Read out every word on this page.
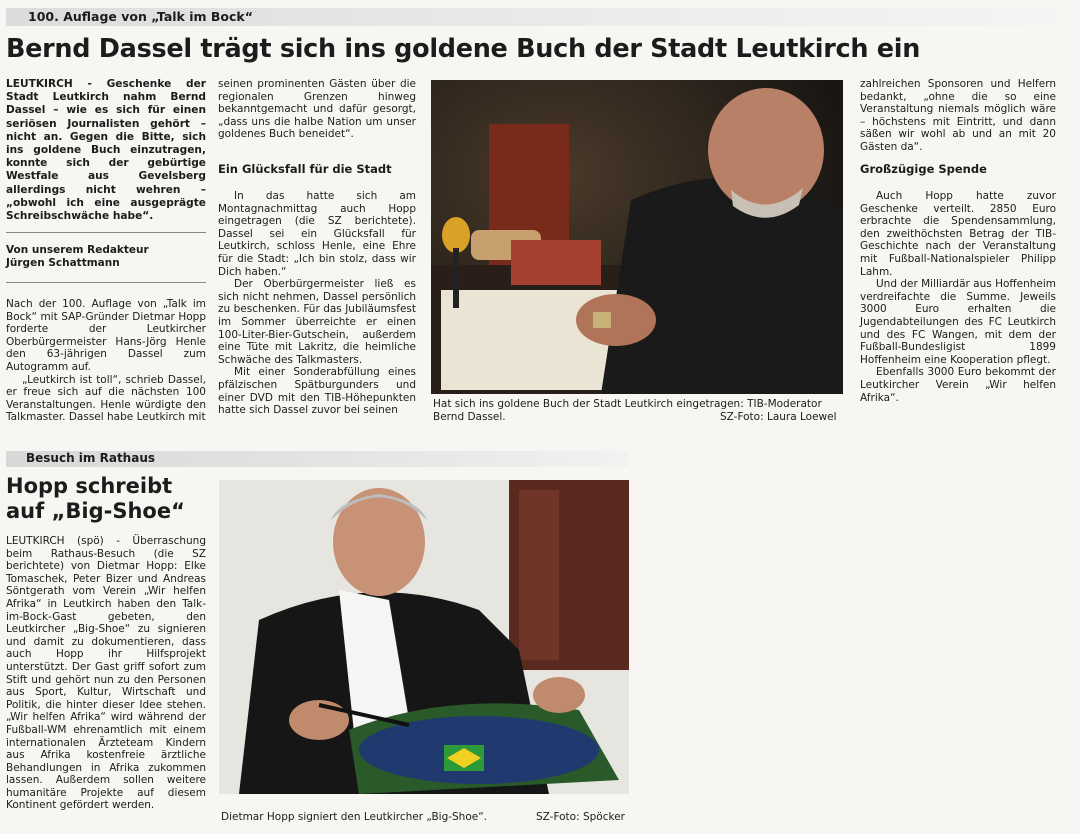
100. Auflage von „Talk im Bock“
Bernd Dassel trägt sich ins goldene Buch der Stadt Leutkirch ein
LEUTKIRCH - Geschenke der Stadt Leutkirch nahm Bernd Dassel – wie es sich für einen seriösen Journalisten gehört – nicht an. Gegen die Bitte, sich ins goldene Buch einzutragen, konnte sich der gebürtige Westfale aus Gevelsberg allerdings nicht wehren – „obwohl ich eine ausgeprägte Schreibschwäche habe“.
Von unserem Redakteur
Jürgen Schattmann

Nach der 100. Auflage von „Talk im Bock“ mit SAP-Gründer Dietmar Hopp forderte der Leutkircher Oberbürgermeister Hans-Jörg Henle den 63-jährigen Dassel zum Autogramm auf.

„Leutkirch ist toll“, schrieb Dassel, er freue sich auf die nächsten 100 Veranstaltungen. Henle würdigte den Talkmaster. Dassel habe Leutkirch mit

seinen prominenten Gästen über die regionalen Grenzen hinweg bekanntgemacht und dafür gesorgt, „dass uns die halbe Nation um unser goldenes Buch beneidet“.
Ein Glücksfall für die Stadt

In das hatte sich am Montagnachmittag auch Hopp eingetragen (die SZ berichtete). Dassel sei ein Glücksfall für Leutkirch, schloss Henle, eine Ehre für die Stadt: „Ich bin stolz, dass wir Dich haben.“

Der Oberbürgermeister ließ es sich nicht nehmen, Dassel persönlich zu beschenken. Für das Jubiläumsfest im Sommer überreichte er einen 100-Liter-Bier-Gutschein, außerdem eine Tüte mit Lakritz, die heimliche Schwäche des Talkmasters.

Mit einer Sonderabfüllung eines pfälzischen Spätburgunders und einer DVD mit den TIB-Höhepunkten hatte sich Dassel zuvor bei seinen

Hat sich ins goldene Buch der Stadt Leutkirch eingetragen: TIB-Moderator Bernd Dassel.	SZ-Foto: Laura Loewel
zahlreichen Sponsoren und Helfern bedankt, „ohne die so eine Veranstaltung niemals möglich wäre – höchstens mit Eintritt, und dann säßen wir wohl ab und an mit 20 Gästen da“.
Großzügige Spende

Auch Hopp hatte zuvor Geschenke verteilt. 2850 Euro erbrachte die Spendensammlung, den zweithöchsten Betrag der TIB-Geschichte nach der Veranstaltung mit Fußball-Nationalspieler Philipp Lahm.

Und der Milliardär aus Hoffenheim verdreifachte die Summe. Jeweils 3000 Euro erhalten die Jugendabteilungen des FC Leutkirch und des FC Wangen, mit dem der Fußball-Bundesligist 1899 Hoffenheim eine Kooperation pflegt.

Ebenfalls 3000 Euro bekommt der Leutkircher Verein „Wir helfen Afrika“.

Besuch im Rathaus
Hopp schreibt
auf „Big-Shoe“
LEUTKIRCH (spö) - Überraschung beim Rathaus-Besuch (die SZ berichtete) von Dietmar Hopp: Elke Tomaschek, Peter Bizer und Andreas Söntgerath vom Verein „Wir helfen Afrika“ in Leutkirch haben den Talk-im-Bock-Gast gebeten, den Leutkircher „Big-Shoe“ zu signieren und damit zu dokumentieren, dass auch Hopp ihr Hilfsprojekt unterstützt. Der Gast griff sofort zum Stift und gehört nun zu den Personen aus Sport, Kultur, Wirtschaft und Politik, die hinter dieser Idee stehen. „Wir helfen Afrika“ wird während der Fußball-WM ehrenamtlich mit einem internationalen Ärzteteam Kindern aus Afrika kostenfreie ärztliche Behandlungen in Afrika zukommen lassen. Außerdem sollen weitere humanitäre Projekte auf diesem Kontinent gefördert werden.
Dietmar Hopp signiert den Leutkircher „Big-Shoe“.	SZ-Foto: Spöcker
